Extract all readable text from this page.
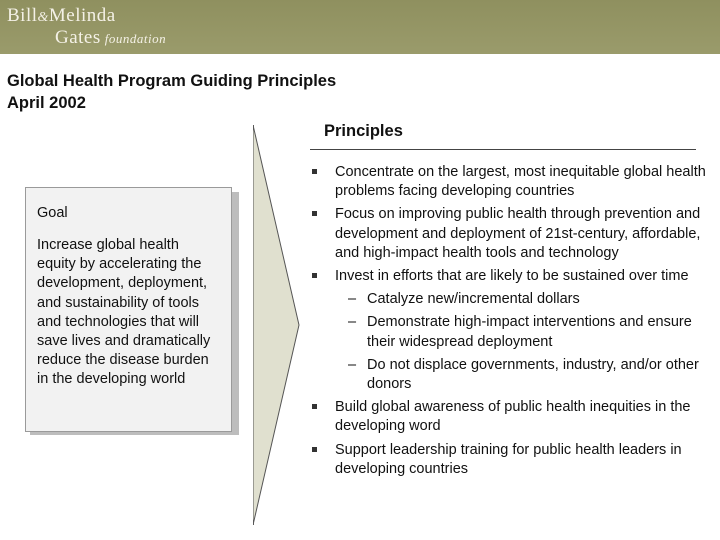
Bill&Melinda
Gates foundation
Global Health Program Guiding Principles
April 2002
Goal
Increase global health equity by accelerating the development, deployment, and sustainability of tools and technologies that will save lives and dramatically reduce the disease burden in the developing world
Principles
Concentrate on the largest, most inequitable global health problems facing developing countries
Focus on improving public health through prevention and development and deployment of 21st-century, affordable, and high-impact health tools and technology
Invest in efforts that are likely to be sustained over time
– Catalyze new/incremental dollars
– Demonstrate high-impact interventions and ensure their widespread deployment
– Do not displace governments, industry, and/or other donors
Build global awareness of public health inequities in the developing word
Support leadership training for public health leaders in developing countries
